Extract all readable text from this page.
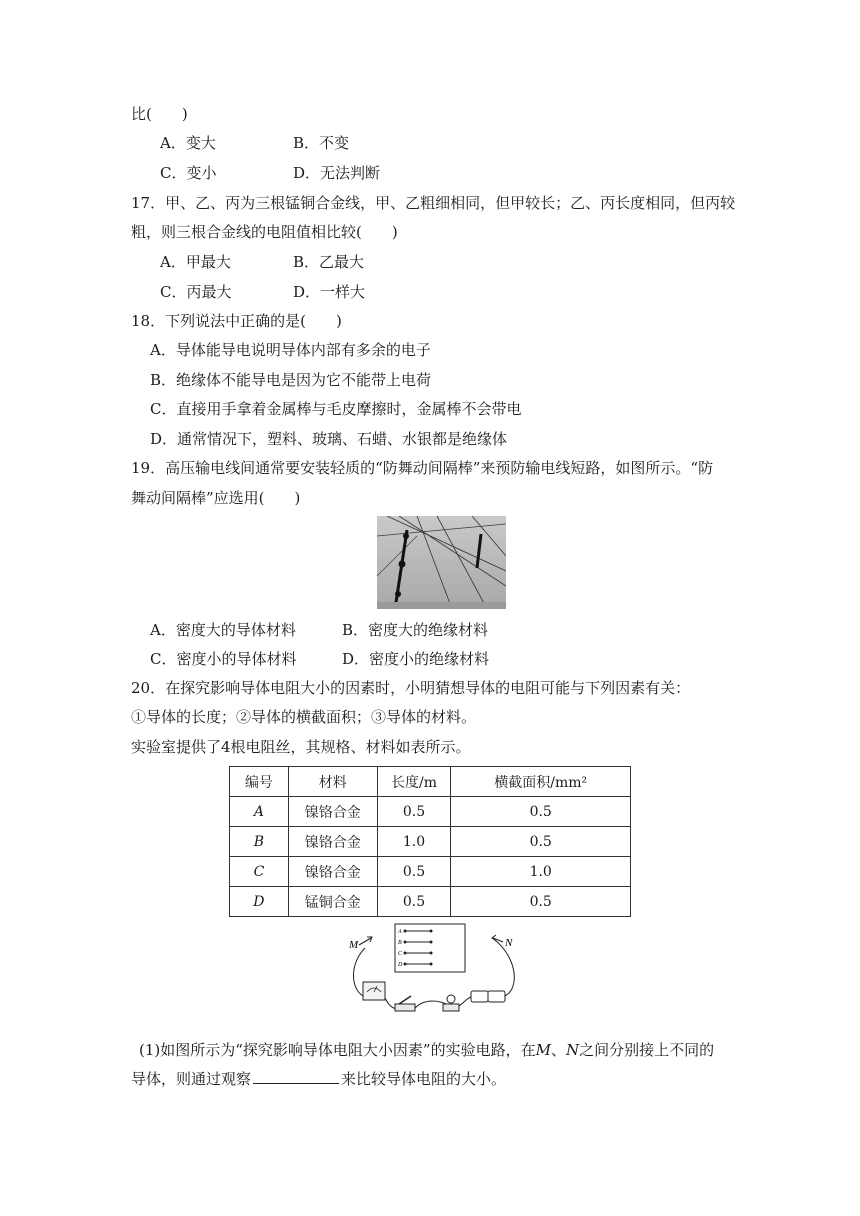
比(　　)
A．变大	B．不变
C．变小	D．无法判断
17．甲、乙、丙为三根锰铜合金线，甲、乙粗细相同，但甲较长；乙、丙长度相同，但丙较
粗，则三根合金线的电阻值相比较(　　)
A．甲最大	B．乙最大
C．丙最大	D．一样大
18．下列说法中正确的是(　　)
A．导体能导电说明导体内部有多余的电子
B．绝缘体不能导电是因为它不能带上电荷
C．直接用手拿着金属棒与毛皮摩擦时，金属棒不会带电
D．通常情况下，塑料、玻璃、石蜡、水银都是绝缘体
19．高压输电线间通常要安装轻质的“防舞动间隔棒”来预防输电线短路，如图所示。“防
舞动间隔棒”应选用(　　)
A．密度大的导体材料	B．密度大的绝缘材料
C．密度小的导体材料	D．密度小的绝缘材料
20．在探究影响导体电阻大小的因素时，小明猜想导体的电阻可能与下列因素有关：
①导体的长度；②导体的横截面积；③导体的材料。
实验室提供了4根电阻丝，其规格、材料如表所示。
编号	材料	长度/m	横截面积/mm²
A	镍铬合金	0.5	0.5
B	镍铬合金	1.0	0.5
C	镍铬合金	0.5	1.0
D	锰铜合金	0.5	0.5
M	N
A
B
C
D
(1)如图所示为“探究影响导体电阻大小因素”的实验电路，在M、N之间分别接上不同的
导体，则通过观察	来比较导体电阻的大小。
